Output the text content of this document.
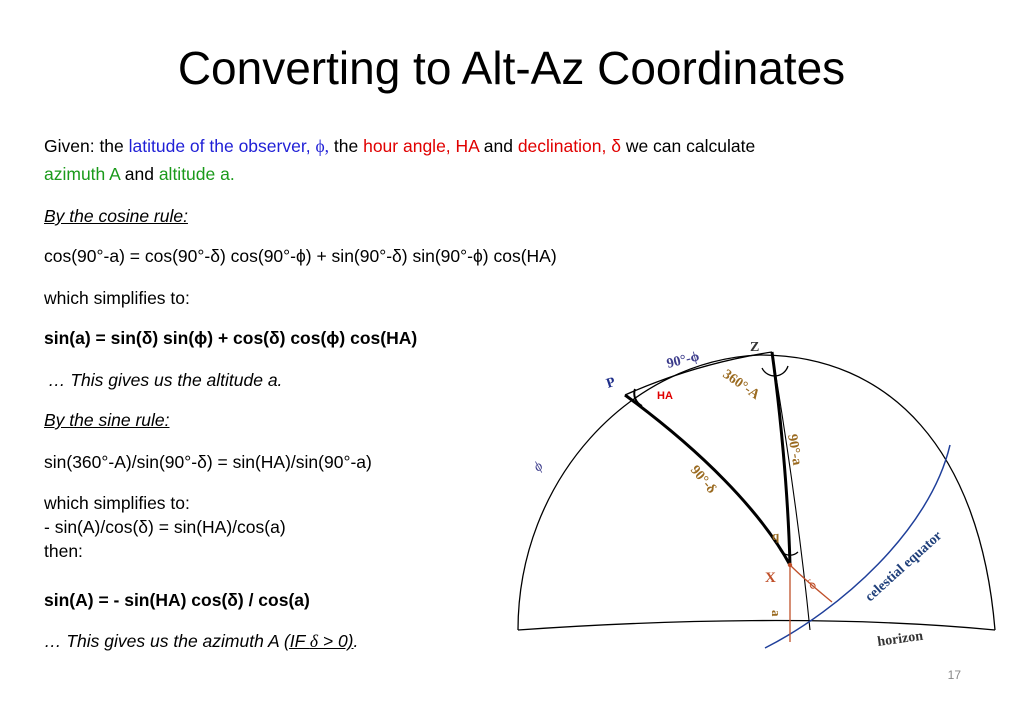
Converting to Alt-Az Coordinates
Given: the latitude of the observer, ϕ, the hour angle, HA and declination, δ we can calculate
azimuth A and altitude a.
By the cosine rule:
cos(90°-a) = cos(90°-δ) cos(90°-ϕ) + sin(90°-δ) sin(90°-ϕ) cos(HA)
which simplifies to:
sin(a) = sin(δ) sin(ϕ) + cos(δ) cos(ϕ) cos(HA)
… This gives us the altitude a.
By the sine rule:
sin(360°-A)/sin(90°-δ) = sin(HA)/sin(90°-a)
which simplifies to:
- sin(A)/cos(δ) = sin(HA)/cos(a)
then:
sin(A) = - sin(HA) cos(δ) / cos(a)
… This gives us the azimuth A (IF δ > 0).
Z
P
HA
X
q
90°-ϕ
360°-A
90°-a
90°-δ
ϕ
δ
a
celestial equator
horizon
17
